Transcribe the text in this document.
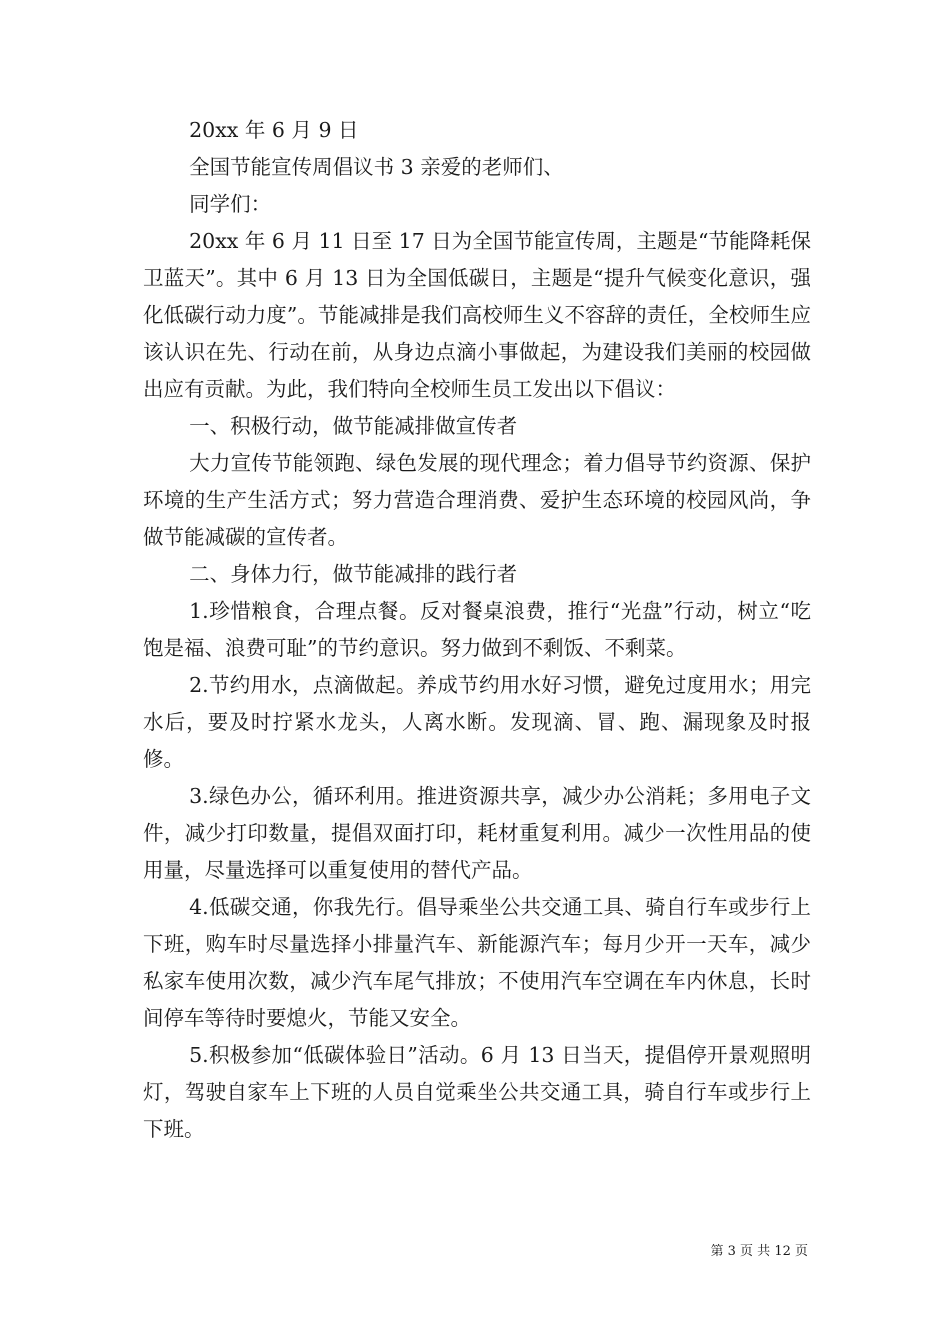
20xx 年 6 月 9 日

全国节能宣传周倡议书 3 亲爱的老师们、

同学们：

20xx 年 6 月 11 日至 17 日为全国节能宣传周，主题是“节能降耗保卫蓝天”。其中 6 月 13 日为全国低碳日，主题是“提升气候变化意识，强化低碳行动力度”。节能减排是我们高校师生义不容辞的责任，全校师生应该认识在先、行动在前，从身边点滴小事做起，为建设我们美丽的校园做出应有贡献。为此，我们特向全校师生员工发出以下倡议：

一、积极行动，做节能减排做宣传者

大力宣传节能领跑、绿色发展的现代理念；着力倡导节约资源、保护环境的生产生活方式；努力营造合理消费、爱护生态环境的校园风尚，争做节能减碳的宣传者。

二、身体力行，做节能减排的践行者

1.珍惜粮食，合理点餐。反对餐桌浪费，推行“光盘”行动，树立“吃饱是福、浪费可耻”的节约意识。努力做到不剩饭、不剩菜。

2.节约用水，点滴做起。养成节约用水好习惯，避免过度用水；用完水后，要及时拧紧水龙头，人离水断。发现滴、冒、跑、漏现象及时报修。

3.绿色办公，循环利用。推进资源共享，减少办公消耗；多用电子文件，减少打印数量，提倡双面打印，耗材重复利用。减少一次性用品的使用量，尽量选择可以重复使用的替代产品。

4.低碳交通，你我先行。倡导乘坐公共交通工具、骑自行车或步行上下班，购车时尽量选择小排量汽车、新能源汽车；每月少开一天车，减少私家车使用次数，减少汽车尾气排放；不使用汽车空调在车内休息，长时间停车等待时要熄火，节能又安全。

5.积极参加“低碳体验日”活动。6 月 13 日当天，提倡停开景观照明灯，驾驶自家车上下班的人员自觉乘坐公共交通工具，骑自行车或步行上下班。

第 3 页 共 12 页
